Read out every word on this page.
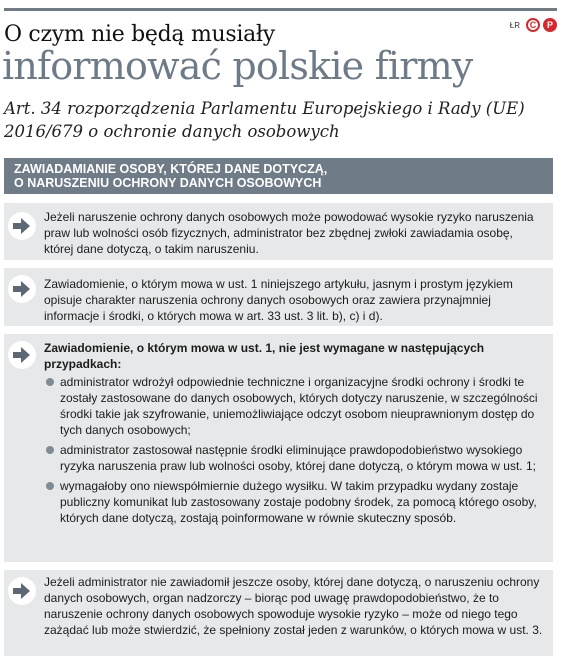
ŁR	C	P
O czym nie będą musiały
informować polskie firmy
Art. 34 rozporządzenia Parlamentu Europejskiego i Rady (UE) 2016/679 o ochronie danych osobowych
ZAWIADAMIANIE OSOBY, KTÓREJ DANE DOTYCZĄ,
O NARUSZENIU OCHRONY DANYCH OSOBOWYCH
Jeżeli naruszenie ochrony danych osobowych może powodować wysokie ryzyko naruszenia praw lub wolności osób fizycznych, administrator bez zbędnej zwłoki zawiadamia osobę, której dane dotyczą, o takim naruszeniu.
Zawiadomienie, o którym mowa w ust. 1 niniejszego artykułu, jasnym i prostym językiem opisuje charakter naruszenia ochrony danych osobowych oraz zawiera przynajmniej informacje i środki, o których mowa w art. 33 ust. 3 lit. b), c) i d).
Zawiadomienie, o którym mowa w ust. 1, nie jest wymagane w następujących przypadkach:
administrator wdrożył odpowiednie techniczne i organizacyjne środki ochrony i środki te zostały zastosowane do danych osobowych, których dotyczy naruszenie, w szczególności środki takie jak szyfrowanie, uniemożliwiające odczyt osobom nieuprawnionym dostęp do tych danych osobowych;
administrator zastosował następnie środki eliminujące prawdopodobieństwo wysokiego ryzyka naruszenia praw lub wolności osoby, której dane dotyczą, o którym mowa w ust. 1;
wymagałoby ono niewspółmiernie dużego wysiłku. W takim przypadku wydany zostaje publiczny komunikat lub zastosowany zostaje podobny środek, za pomocą którego osoby, których dane dotyczą, zostają poinformowane w równie skuteczny sposób.
Jeżeli administrator nie zawiadomił jeszcze osoby, której dane dotyczą, o naruszeniu ochrony danych osobowych, organ nadzorczy – biorąc pod uwagę prawdopodobieństwo, że to naruszenie ochrony danych osobowych spowoduje wysokie ryzyko – może od niego tego zażądać lub może stwierdzić, że spełniony został jeden z warunków, o których mowa w ust. 3.
